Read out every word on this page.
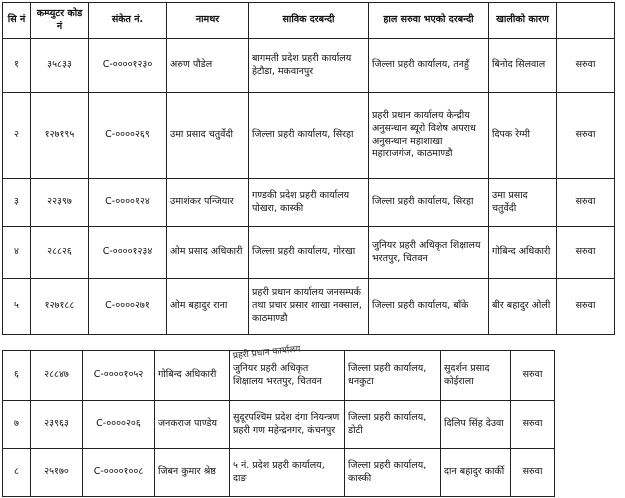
सि नं	कम्प्युटर कोड नं	संकेत नं.	नामथर	साविक दरबन्दी	हाल सरुवा भएको दरबन्दी	खालीको कारण	
१	३५८३३	C-००००१२३०	अरुण पौडेल	बागमती प्रदेश प्रहरी कार्यालय हेटौडा, मकवानपुर	जिल्ला प्रहरी कार्यालय, तनहुँ	बिनोद सिलवाल	सरुवा
२	१२७१९५	C-००००२६९	उमा प्रसाद चतुर्वेदी	जिल्ला प्रहरी कार्यालय, सिरहा	प्रहरी प्रधान कार्यालय केन्द्रीय अनुसन्धान ब्यूरो विशेष अपराध अनुसन्धान महाशाखा महाराजगंज, काठमाण्डौ	दिपक रेग्मी	सरुवा
३	२२३९७	C-००००१२४	उमाशंकर पन्जियार	गण्डकी प्रदेश प्रहरी कार्यालय पोखरा, कास्की	जिल्ला प्रहरी कार्यालय, सिरहा	उमा प्रसाद चतुर्वेदी	सरुवा
४	२८८२६	C-००००१२३४	ओम प्रसाद अधिकारी	जिल्ला प्रहरी कार्यालय, गोरखा	जुनियर प्रहरी अधिकृत शिक्षालय भरतपुर, चितवन	गोबिन्द अधिकारी	सरुवा
५	१२७१८८	C-००००२७१	ओम बहादुर राना	प्रहरी प्रधान कार्यालय जनसम्पर्क तथा प्रचार प्रसार शाखा नक्साल, काठमाण्डौ	जिल्ला प्रहरी कार्यालय, बाँके	बीर बहादुर ओली	सरुवा
६	२८८४७	C-००००१०५२	गोबिन्द अधिकारी	जुनियर प्रहरी अधिकृत शिक्षालय भरतपुर, चितवन	जिल्ला प्रहरी कार्यालय, धनकुटा	सुदर्शन प्रसाद कोईराला	सरुवा
७	२३९६३	C-००००२०६	जनकराज पाण्डेय	सुदूरपश्चिम प्रदेश दंगा नियन्त्रण प्रहरी गण महेन्द्रनगर, कंचनपुर	जिल्ला प्रहरी कार्यालय, डोटी	दिलिप सिंह देउवा	सरुवा
८	२५१७०	C-००००१००८	जिबन कुमार श्रेष्ठ	५ नं. प्रदेश प्रहरी कार्यालय, दाङ	जिल्ला प्रहरी कार्यालय, कास्की	दान बहादुर कार्की	सरुवा
प्रहरी प्रधान कार्यालय
